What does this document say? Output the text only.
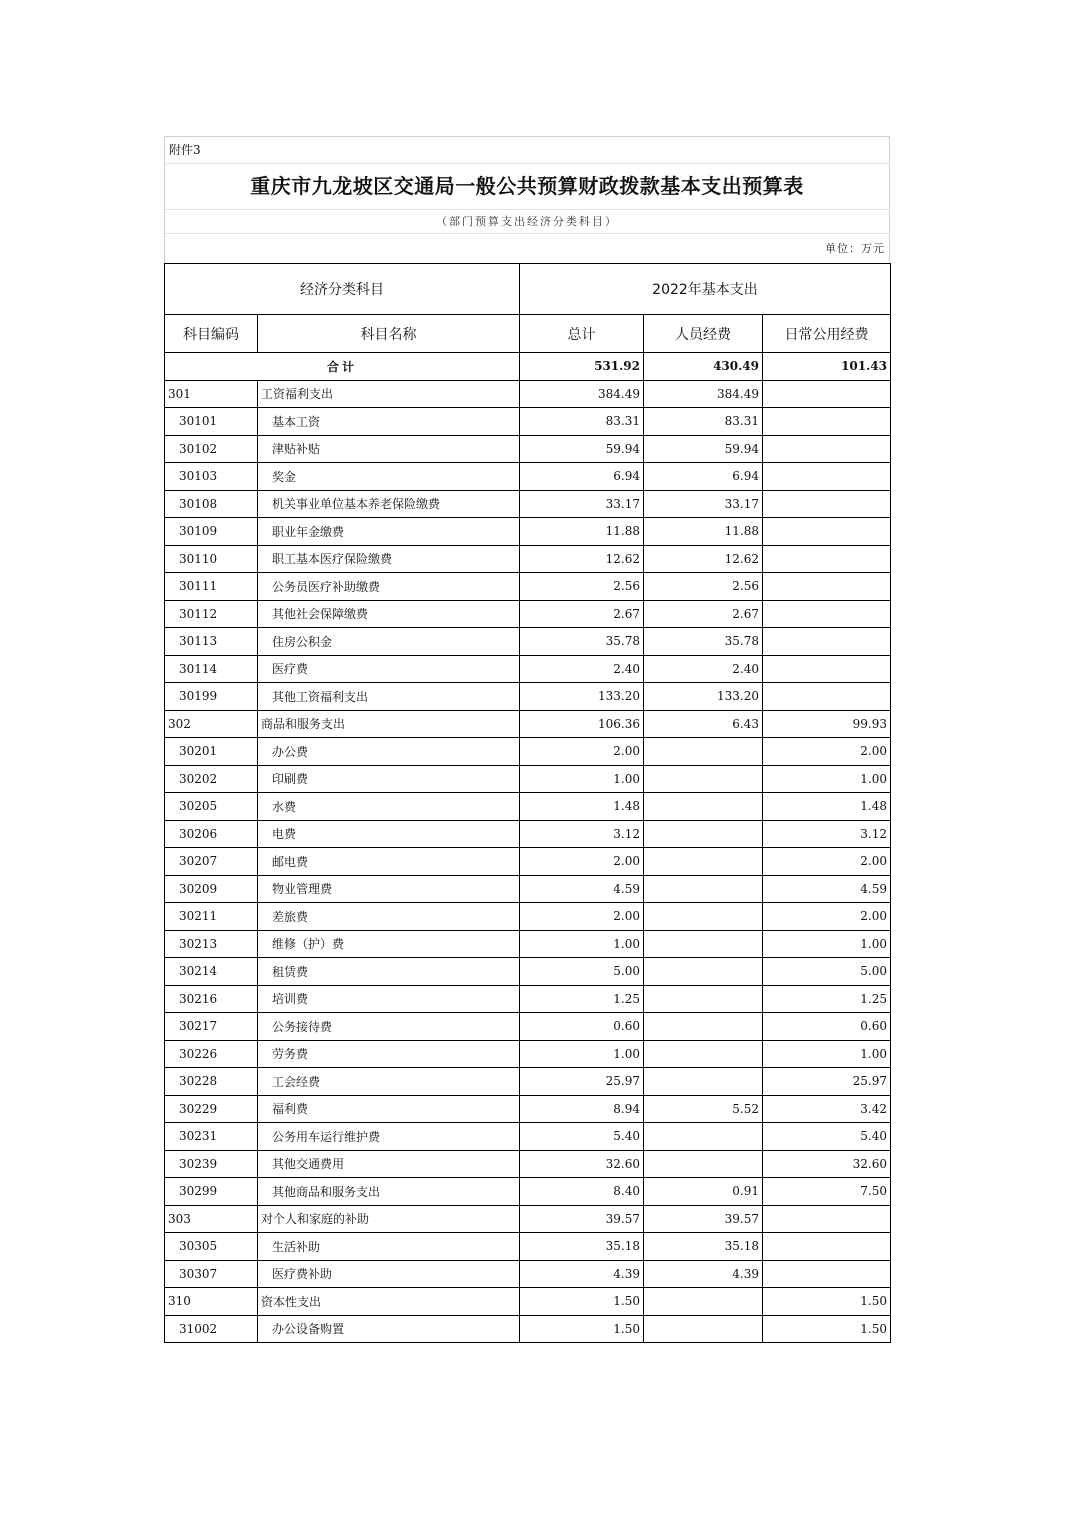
附件3
重庆市九龙坡区交通局一般公共预算财政拨款基本支出预算表
（部门预算支出经济分类科目）
单位：万元
经济分类科目		2022年基本支出		
科目编码	科目名称	总计	人员经费	日常公用经费
合计		531.92	430.49	101.43
301	工资福利支出	384.49	384.49	
30101	基本工资	83.31	83.31	
30102	津贴补贴	59.94	59.94	
30103	奖金	6.94	6.94	
30108	机关事业单位基本养老保险缴费	33.17	33.17	
30109	职业年金缴费	11.88	11.88	
30110	职工基本医疗保险缴费	12.62	12.62	
30111	公务员医疗补助缴费	2.56	2.56	
30112	其他社会保障缴费	2.67	2.67	
30113	住房公积金	35.78	35.78	
30114	医疗费	2.40	2.40	
30199	其他工资福利支出	133.20	133.20	
302	商品和服务支出	106.36	6.43	99.93
30201	办公费	2.00		2.00
30202	印刷费	1.00		1.00
30205	水费	1.48		1.48
30206	电费	3.12		3.12
30207	邮电费	2.00		2.00
30209	物业管理费	4.59		4.59
30211	差旅费	2.00		2.00
30213	维修（护）费	1.00		1.00
30214	租赁费	5.00		5.00
30216	培训费	1.25		1.25
30217	公务接待费	0.60		0.60
30226	劳务费	1.00		1.00
30228	工会经费	25.97		25.97
30229	福利费	8.94	5.52	3.42
30231	公务用车运行维护费	5.40		5.40
30239	其他交通费用	32.60		32.60
30299	其他商品和服务支出	8.40	0.91	7.50
303	对个人和家庭的补助	39.57	39.57	
30305	生活补助	35.18	35.18	
30307	医疗费补助	4.39	4.39	
310	资本性支出	1.50		1.50
31002	办公设备购置	1.50		1.50
